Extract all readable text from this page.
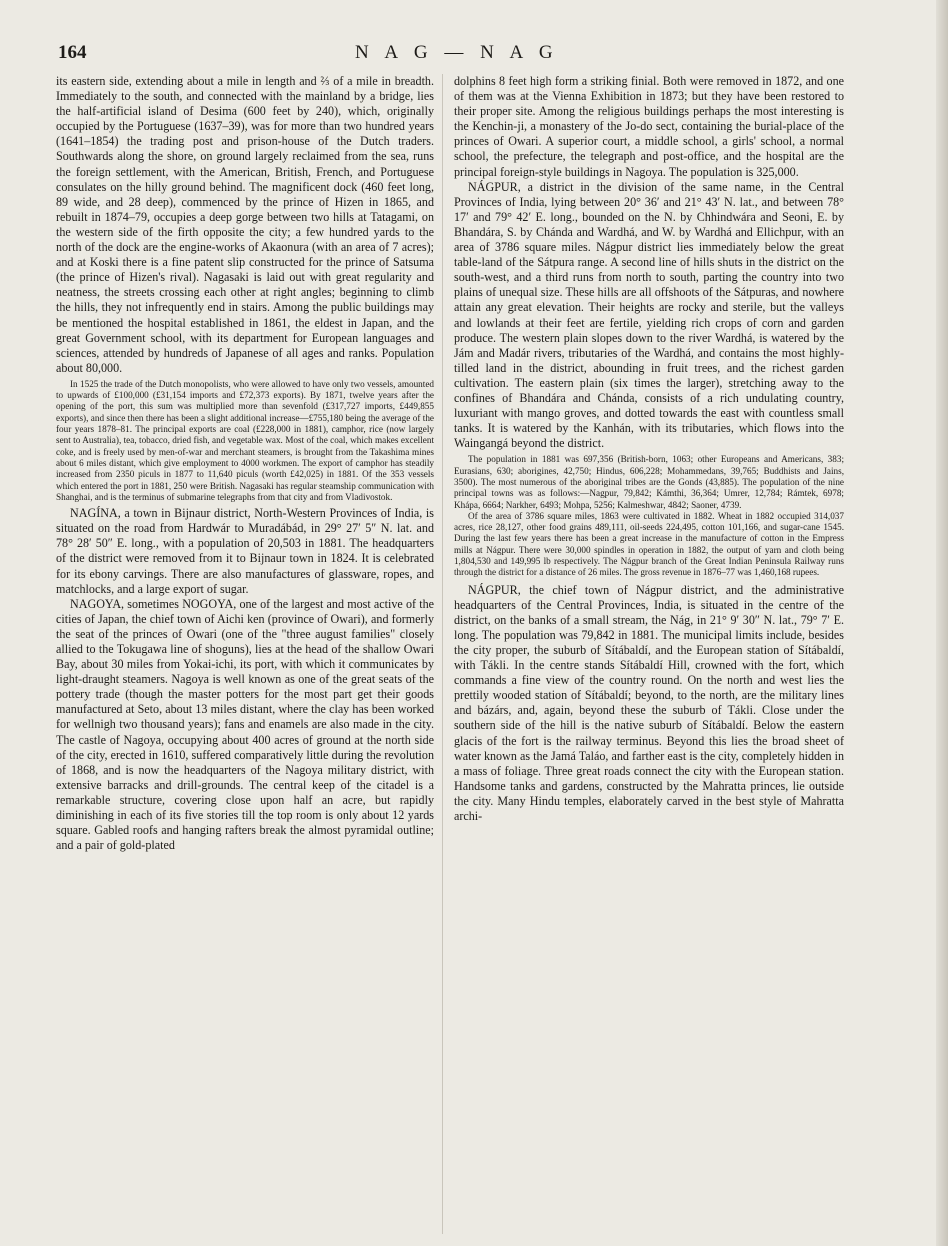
164	N A G — N A G

its eastern side, extending about a mile in length and ⅔ of a mile in breadth. Immediately to the south, and connected with the mainland by a bridge, lies the half-artificial island of Desima (600 feet by 240), which, originally occupied by the Portuguese (1637–39), was for more than two hundred years (1641–1854) the trading post and prison-house of the Dutch traders. Southwards along the shore, on ground largely reclaimed from the sea, runs the foreign settlement, with the American, British, French, and Portuguese consulates on the hilly ground behind. The magnificent dock (460 feet long, 89 wide, and 28 deep), commenced by the prince of Hizen in 1865, and rebuilt in 1874–79, occupies a deep gorge between two hills at Tatagami, on the western side of the firth opposite the city; a few hundred yards to the north of the dock are the engine-works of Akaonura (with an area of 7 acres); and at Koski there is a fine patent slip constructed for the prince of Satsuma (the prince of Hizen's rival). Nagasaki is laid out with great regularity and neatness, the streets crossing each other at right angles; beginning to climb the hills, they not infrequently end in stairs. Among the public buildings may be mentioned the hospital established in 1861, the eldest in Japan, and the great Government school, with its department for European languages and sciences, attended by hundreds of Japanese of all ages and ranks. Population about 80,000.

In 1525 the trade of the Dutch monopolists, who were allowed to have only two vessels, amounted to upwards of £100,000 (£31,154 imports and £72,373 exports). By 1871, twelve years after the opening of the port, this sum was multiplied more than sevenfold (£317,727 imports, £449,855 exports), and since then there has been a slight additional increase—£755,180 being the average of the four years 1878–81. The principal exports are coal (£228,000 in 1881), camphor, rice (now largely sent to Australia), tea, tobacco, dried fish, and vegetable wax. Most of the coal, which makes excellent coke, and is freely used by men-of-war and merchant steamers, is brought from the Takashima mines about 6 miles distant, which give employment to 4000 workmen. The export of camphor has steadily increased from 2350 piculs in 1877 to 11,640 piculs (worth £42,025) in 1881. Of the 353 vessels which entered the port in 1881, 250 were British. Nagasaki has regular steamship communication with Shanghai, and is the terminus of submarine telegraphs from that city and from Vladivostok.

NAGÍNA, a town in Bijnaur district, North-Western Provinces of India, is situated on the road from Hardwár to Muradábád, in 29° 27′ 5″ N. lat. and 78° 28′ 50″ E. long., with a population of 20,503 in 1881. The headquarters of the district were removed from it to Bijnaur town in 1824. It is celebrated for its ebony carvings. There are also manufactures of glassware, ropes, and matchlocks, and a large export of sugar.

NAGOYA, sometimes NOGOYA, one of the largest and most active of the cities of Japan, the chief town of Aichi ken (province of Owari), and formerly the seat of the princes of Owari (one of the "three august families" closely allied to the Tokugawa line of shoguns), lies at the head of the shallow Owari Bay, about 30 miles from Yokai-ichi, its port, with which it communicates by light-draught steamers. Nagoya is well known as one of the great seats of the pottery trade (though the master potters for the most part get their goods manufactured at Seto, about 13 miles distant, where the clay has been worked for wellnigh two thousand years); fans and enamels are also made in the city. The castle of Nagoya, occupying about 400 acres of ground at the north side of the city, erected in 1610, suffered comparatively little during the revolution of 1868, and is now the headquarters of the Nagoya military district, with extensive barracks and drill-grounds. The central keep of the citadel is a remarkable structure, covering close upon half an acre, but rapidly diminishing in each of its five stories till the top room is only about 12 yards square. Gabled roofs and hanging rafters break the almost pyramidal outline; and a pair of gold-plated

dolphins 8 feet high form a striking finial. Both were removed in 1872, and one of them was at the Vienna Exhibition in 1873; but they have been restored to their proper site. Among the religious buildings perhaps the most interesting is the Kenchin-ji, a monastery of the Jo-do sect, containing the burial-place of the princes of Owari. A superior court, a middle school, a girls' school, a normal school, the prefecture, the telegraph and post-office, and the hospital are the principal foreign-style buildings in Nagoya. The population is 325,000.

NÁGPUR, a district in the division of the same name, in the Central Provinces of India, lying between 20° 36′ and 21° 43′ N. lat., and between 78° 17′ and 79° 42′ E. long., bounded on the N. by Chhindwára and Seoni, E. by Bhandára, S. by Chánda and Wardhá, and W. by Wardhá and Ellichpur, with an area of 3786 square miles. Nágpur district lies immediately below the great table-land of the Sátpura range. A second line of hills shuts in the district on the south-west, and a third runs from north to south, parting the country into two plains of unequal size. These hills are all offshoots of the Sátpuras, and nowhere attain any great elevation. Their heights are rocky and sterile, but the valleys and lowlands at their feet are fertile, yielding rich crops of corn and garden produce. The western plain slopes down to the river Wardhá, is watered by the Jám and Madár rivers, tributaries of the Wardhá, and contains the most highly-tilled land in the district, abounding in fruit trees, and the richest garden cultivation. The eastern plain (six times the larger), stretching away to the confines of Bhandára and Chánda, consists of a rich undulating country, luxuriant with mango groves, and dotted towards the east with countless small tanks. It is watered by the Kanhán, with its tributaries, which flows into the Waingangá beyond the district.

The population in 1881 was 697,356 (British-born, 1063; other Europeans and Americans, 383; Eurasians, 630; aborigines, 42,750; Hindus, 606,228; Mohammedans, 39,765; Buddhists and Jains, 3500). The most numerous of the aboriginal tribes are the Gonds (43,885). The population of the nine principal towns was as follows:—Nagpur, 79,842; Kámthi, 36,364; Umrer, 12,784; Rámtek, 6978; Khápa, 6664; Narkher, 6493; Mohpa, 5256; Kalmeshwar, 4842; Saoner, 4739.

Of the area of 3786 square miles, 1863 were cultivated in 1882. Wheat in 1882 occupied 314,037 acres, rice 28,127, other food grains 489,111, oil-seeds 224,495, cotton 101,166, and sugar-cane 1545. During the last few years there has been a great increase in the manufacture of cotton in the Empress mills at Nágpur. There were 30,000 spindles in operation in 1882, the output of yarn and cloth being 1,804,530 and 149,995 lb respectively. The Nágpur branch of the Great Indian Peninsula Railway runs through the district for a distance of 26 miles. The gross revenue in 1876–77 was 1,460,168 rupees.

NÁGPUR, the chief town of Nágpur district, and the administrative headquarters of the Central Provinces, India, is situated in the centre of the district, on the banks of a small stream, the Nág, in 21° 9′ 30″ N. lat., 79° 7′ E. long. The population was 79,842 in 1881. The municipal limits include, besides the city proper, the suburb of Sítábaldí, and the European station of Sítábaldí, with Tákli. In the centre stands Sítábaldí Hill, crowned with the fort, which commands a fine view of the country round. On the north and west lies the prettily wooded station of Sítábaldí; beyond, to the north, are the military lines and bázárs, and, again, beyond these the suburb of Tákli. Close under the southern side of the hill is the native suburb of Sítábaldí. Below the eastern glacis of the fort is the railway terminus. Beyond this lies the broad sheet of water known as the Jamá Taláo, and farther east is the city, completely hidden in a mass of foliage. Three great roads connect the city with the European station. Handsome tanks and gardens, constructed by the Mahratta princes, lie outside the city. Many Hindu temples, elaborately carved in the best style of Mahratta archi-
